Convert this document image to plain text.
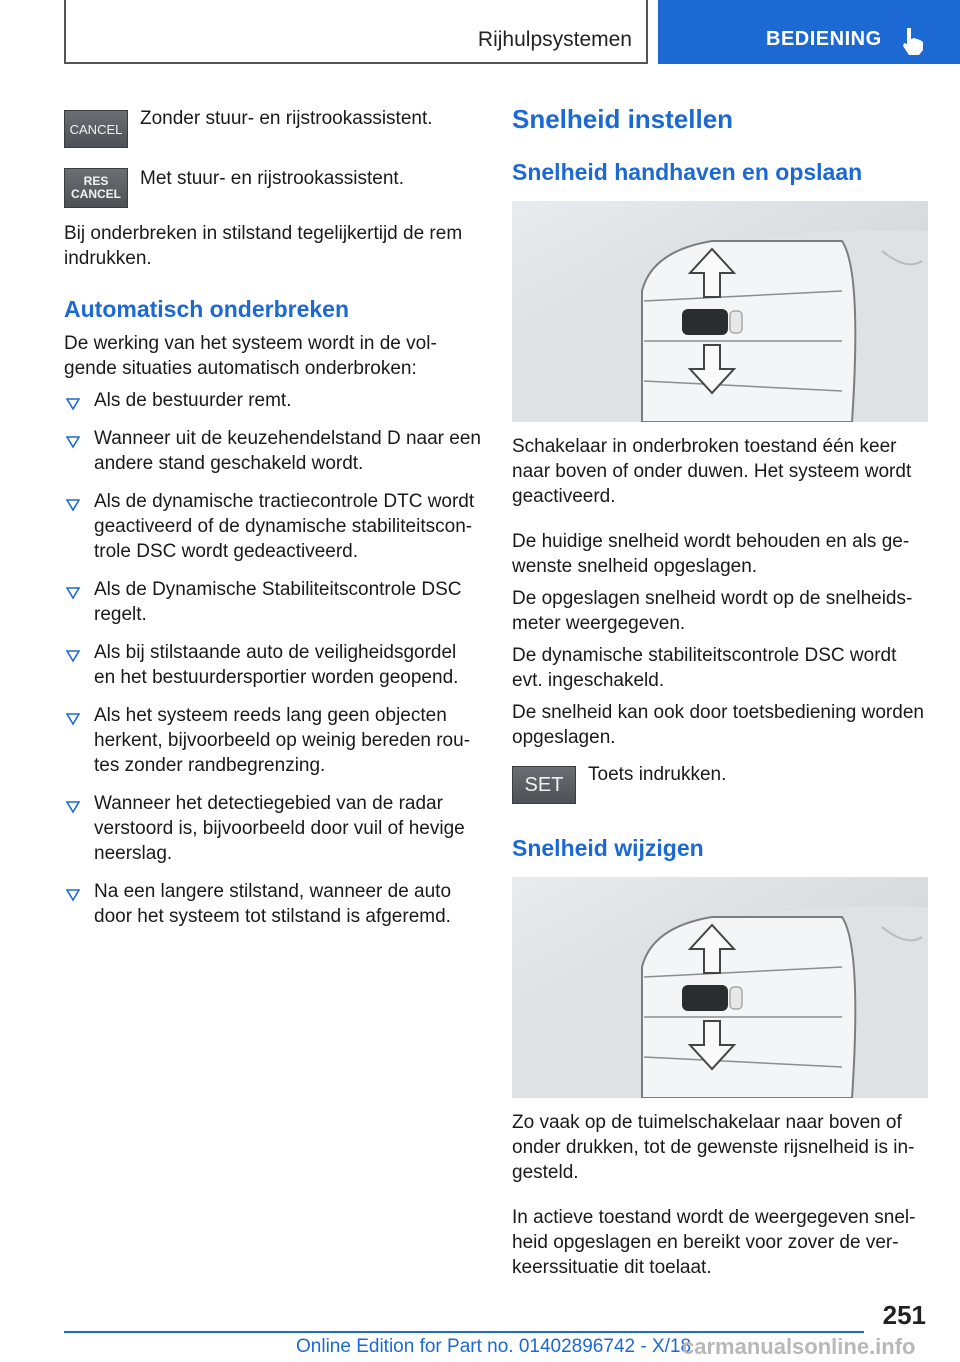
Rijhulpsystemen	BEDIENING
CANCEL Zonder stuur- en rijstrookassistent.
RES
CANCEL
Met stuur- en rijstrookassistent.
Bij onderbreken in stilstand tegelijkertijd de rem
indrukken.
Automatisch onderbreken
De werking van het systeem wordt in de vol-
gende situaties automatisch onderbroken:
Als de bestuurder remt.
Wanneer uit de keuzehendelstand D naar een
andere stand geschakeld wordt.
Als de dynamische tractiecontrole DTC wordt
geactiveerd of de dynamische stabiliteitscon-
trole DSC wordt gedeactiveerd.
Als de Dynamische Stabiliteitscontrole DSC
regelt.
Als bij stilstaande auto de veiligheidsgordel
en het bestuurdersportier worden geopend.
Als het systeem reeds lang geen objecten
herkent, bijvoorbeeld op weinig bereden rou-
tes zonder randbegrenzing.
Wanneer het detectiegebied van de radar
verstoord is, bijvoorbeeld door vuil of hevige
neerslag.
Na een langere stilstand, wanneer de auto
door het systeem tot stilstand is afgeremd.
Snelheid instellen
Snelheid handhaven en opslaan
Schakelaar in onderbroken toestand één keer
naar boven of onder duwen. Het systeem wordt
geactiveerd.
De huidige snelheid wordt behouden en als ge-
wenste snelheid opgeslagen.
De opgeslagen snelheid wordt op de snelheids-
meter weergegeven.
De dynamische stabiliteitscontrole DSC wordt
evt. ingeschakeld.
De snelheid kan ook door toetsbediening worden
opgeslagen.
SET Toets indrukken.
Snelheid wijzigen
Zo vaak op de tuimelschakelaar naar boven of
onder drukken, tot de gewenste rijsnelheid is in-
gesteld.
In actieve toestand wordt de weergegeven snel-
heid opgeslagen en bereikt voor zover de ver-
keerssituatie dit toelaat.
251
Online Edition for Part no. 01402896742 - X/18
carmanualsonline.info
